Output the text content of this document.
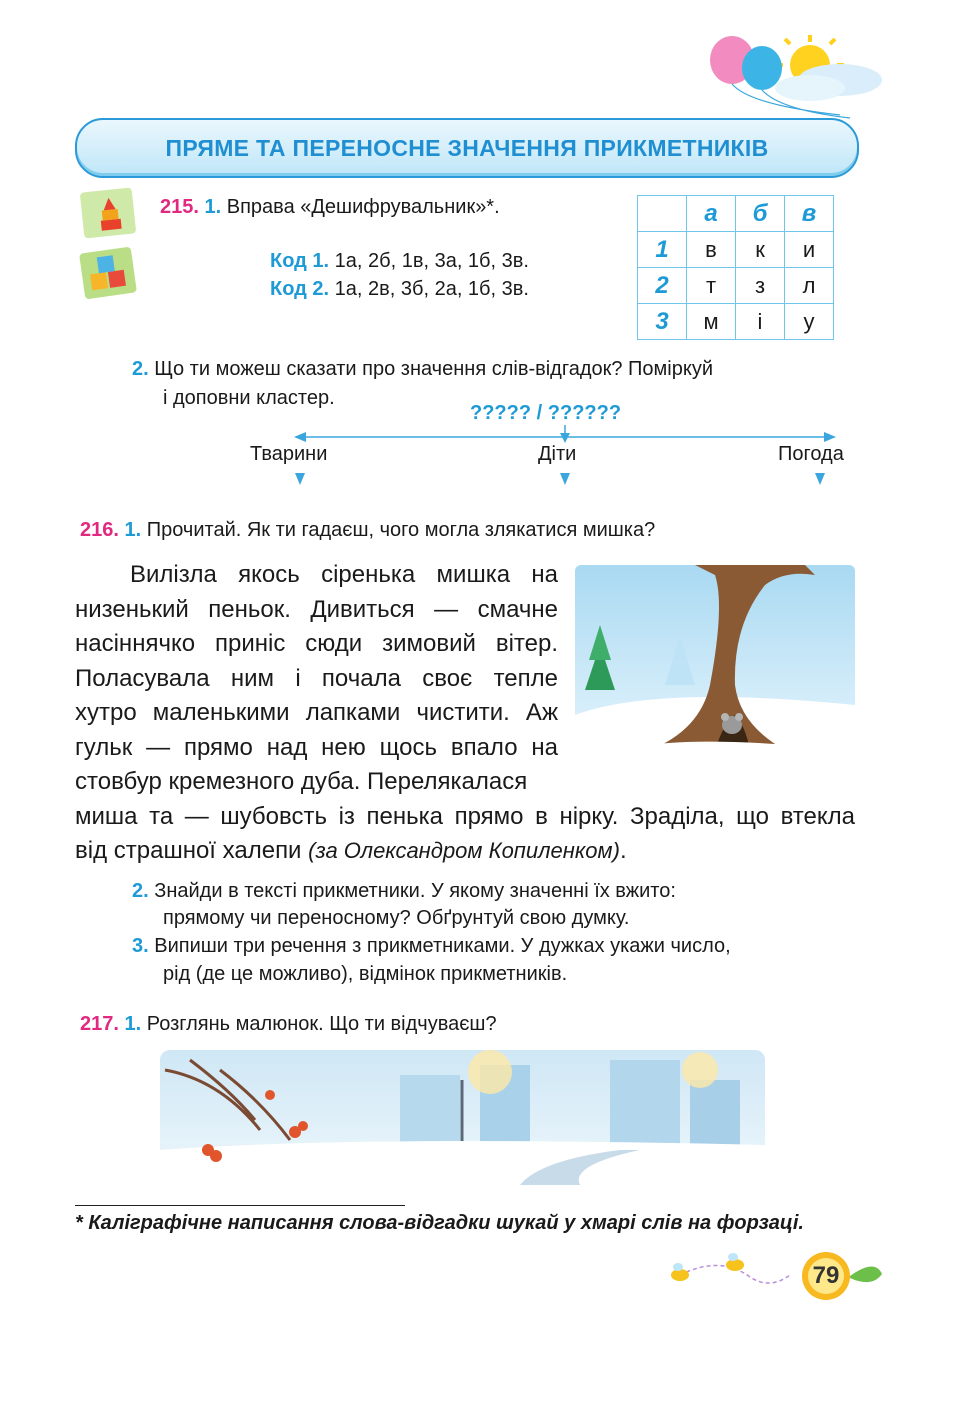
ПРЯМЕ ТА ПЕРЕНОСНЕ ЗНАЧЕННЯ ПРИКМЕТНИКІВ
215. 1. Вправа «Дешифрувальник»*.
Код 1. 1а, 2б, 1в, 3а, 1б, 3в.
Код 2. 1а, 2в, 3б, 2а, 1б, 3в.
	а	б	в
1	в	к	и
2	т	з	л
3	м	і	у
2. Що ти можеш сказати про значення слів-відгадок? Поміркуй
і доповни кластер.
????? / ??????
Тварини	Діти	Погода
216. 1. Прочитай. Як ти гадаєш, чого могла злякатися мишка?
Вилізла якось сіренька мишка на
низенький пеньок. Дивиться — смачне
насіннячко приніс сюди зимовий вітер.
Поласувала ним і почала своє тепле
хутро маленькими лапками чистити. Аж
гульк — прямо над нею щось впало на
стовбур кремезного дуба. Перелякалася
миша та — шубовсть із пенька прямо в нірку. Зраділа, що втекла
від страшної халепи (за Олександром Копиленком).
2. Знайди в тексті прикметники. У якому значенні їх вжито:
прямому чи переносному? Обґрунтуй свою думку.
3. Випиши три речення з прикметниками. У дужках укажи число,
рід (де це можливо), відмінок прикметників.
217. 1. Розглянь малюнок. Що ти відчуваєш?
* Каліграфічне написання слова-відгадки шукай у хмарі слів на форзаці.
79
